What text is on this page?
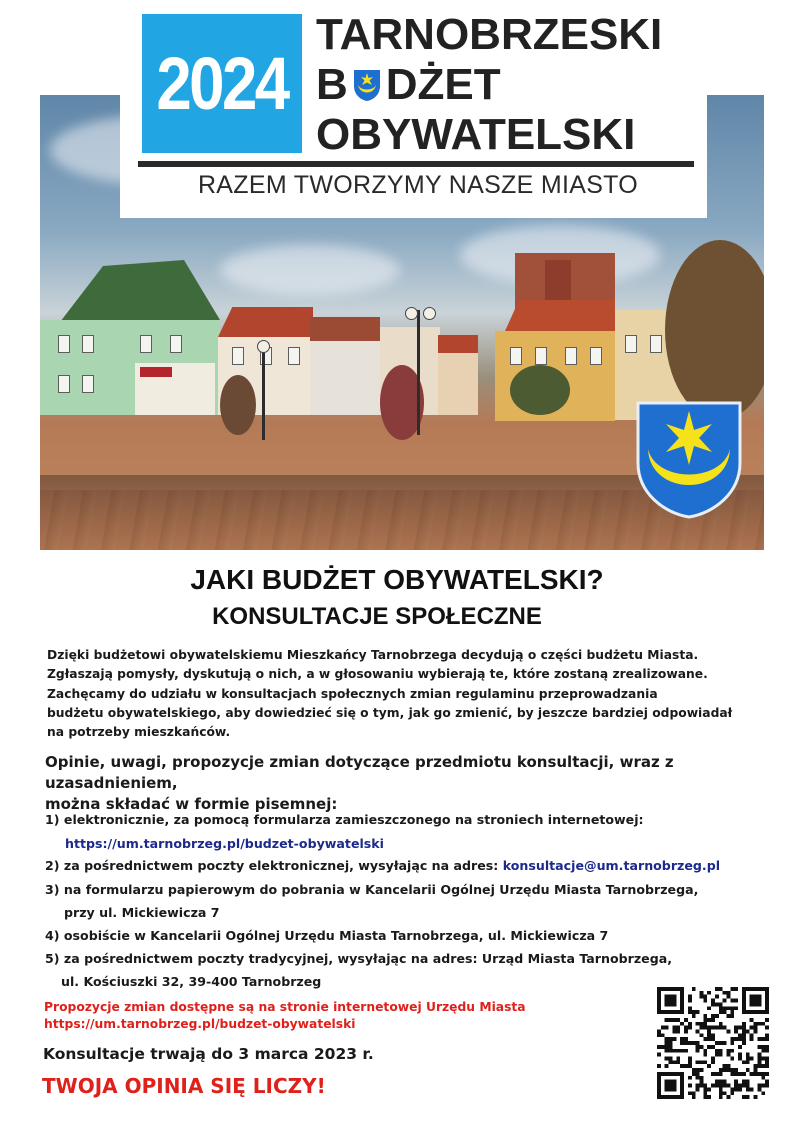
2024
TARNOBRZESKI
B DŻET
OBYWATELSKI
RAZEM TWORZYMY NASZE MIASTO
JAKI BUDŻET OBYWATELSKI?
KONSULTACJE SPOŁECZNE
Dzięki budżetowi obywatelskiemu Mieszkańcy Tarnobrzega decydują o części budżetu Miasta.
Zgłaszają pomysły, dyskutują o nich, a w głosowaniu wybierają te, które zostaną zrealizowane.
Zachęcamy do udziału w konsultacjach społecznych zmian regulaminu przeprowadzania
budżetu obywatelskiego, aby dowiedzieć się o tym, jak go zmienić, by jeszcze bardziej odpowiadał
na potrzeby mieszkańców.
Opinie, uwagi, propozycje zmian dotyczące przedmiotu konsultacji, wraz z uzasadnieniem,
można składać w formie pisemnej:
1) elektronicznie, za pomocą formularza zamieszczonego na stroniech internetowej:
https://um.tarnobrzeg.pl/budzet-obywatelski
2) za pośrednictwem poczty elektronicznej, wysyłając na adres: konsultacje@um.tarnobrzeg.pl
3) na formularzu papierowym do pobrania w Kancelarii Ogólnej Urzędu Miasta Tarnobrzega,
przy ul. Mickiewicza 7
4) osobiście w Kancelarii Ogólnej Urzędu Miasta Tarnobrzega, ul. Mickiewicza 7
5) za pośrednictwem poczty tradycyjnej, wysyłając na adres: Urząd Miasta Tarnobrzega,
ul. Kościuszki 32, 39-400 Tarnobrzeg
Propozycje zmian dostępne są na stronie internetowej Urzędu Miasta
https://um.tarnobrzeg.pl/budzet-obywatelski
Konsultacje trwają do 3 marca 2023 r.
TWOJA OPINIA SIĘ LICZY!
